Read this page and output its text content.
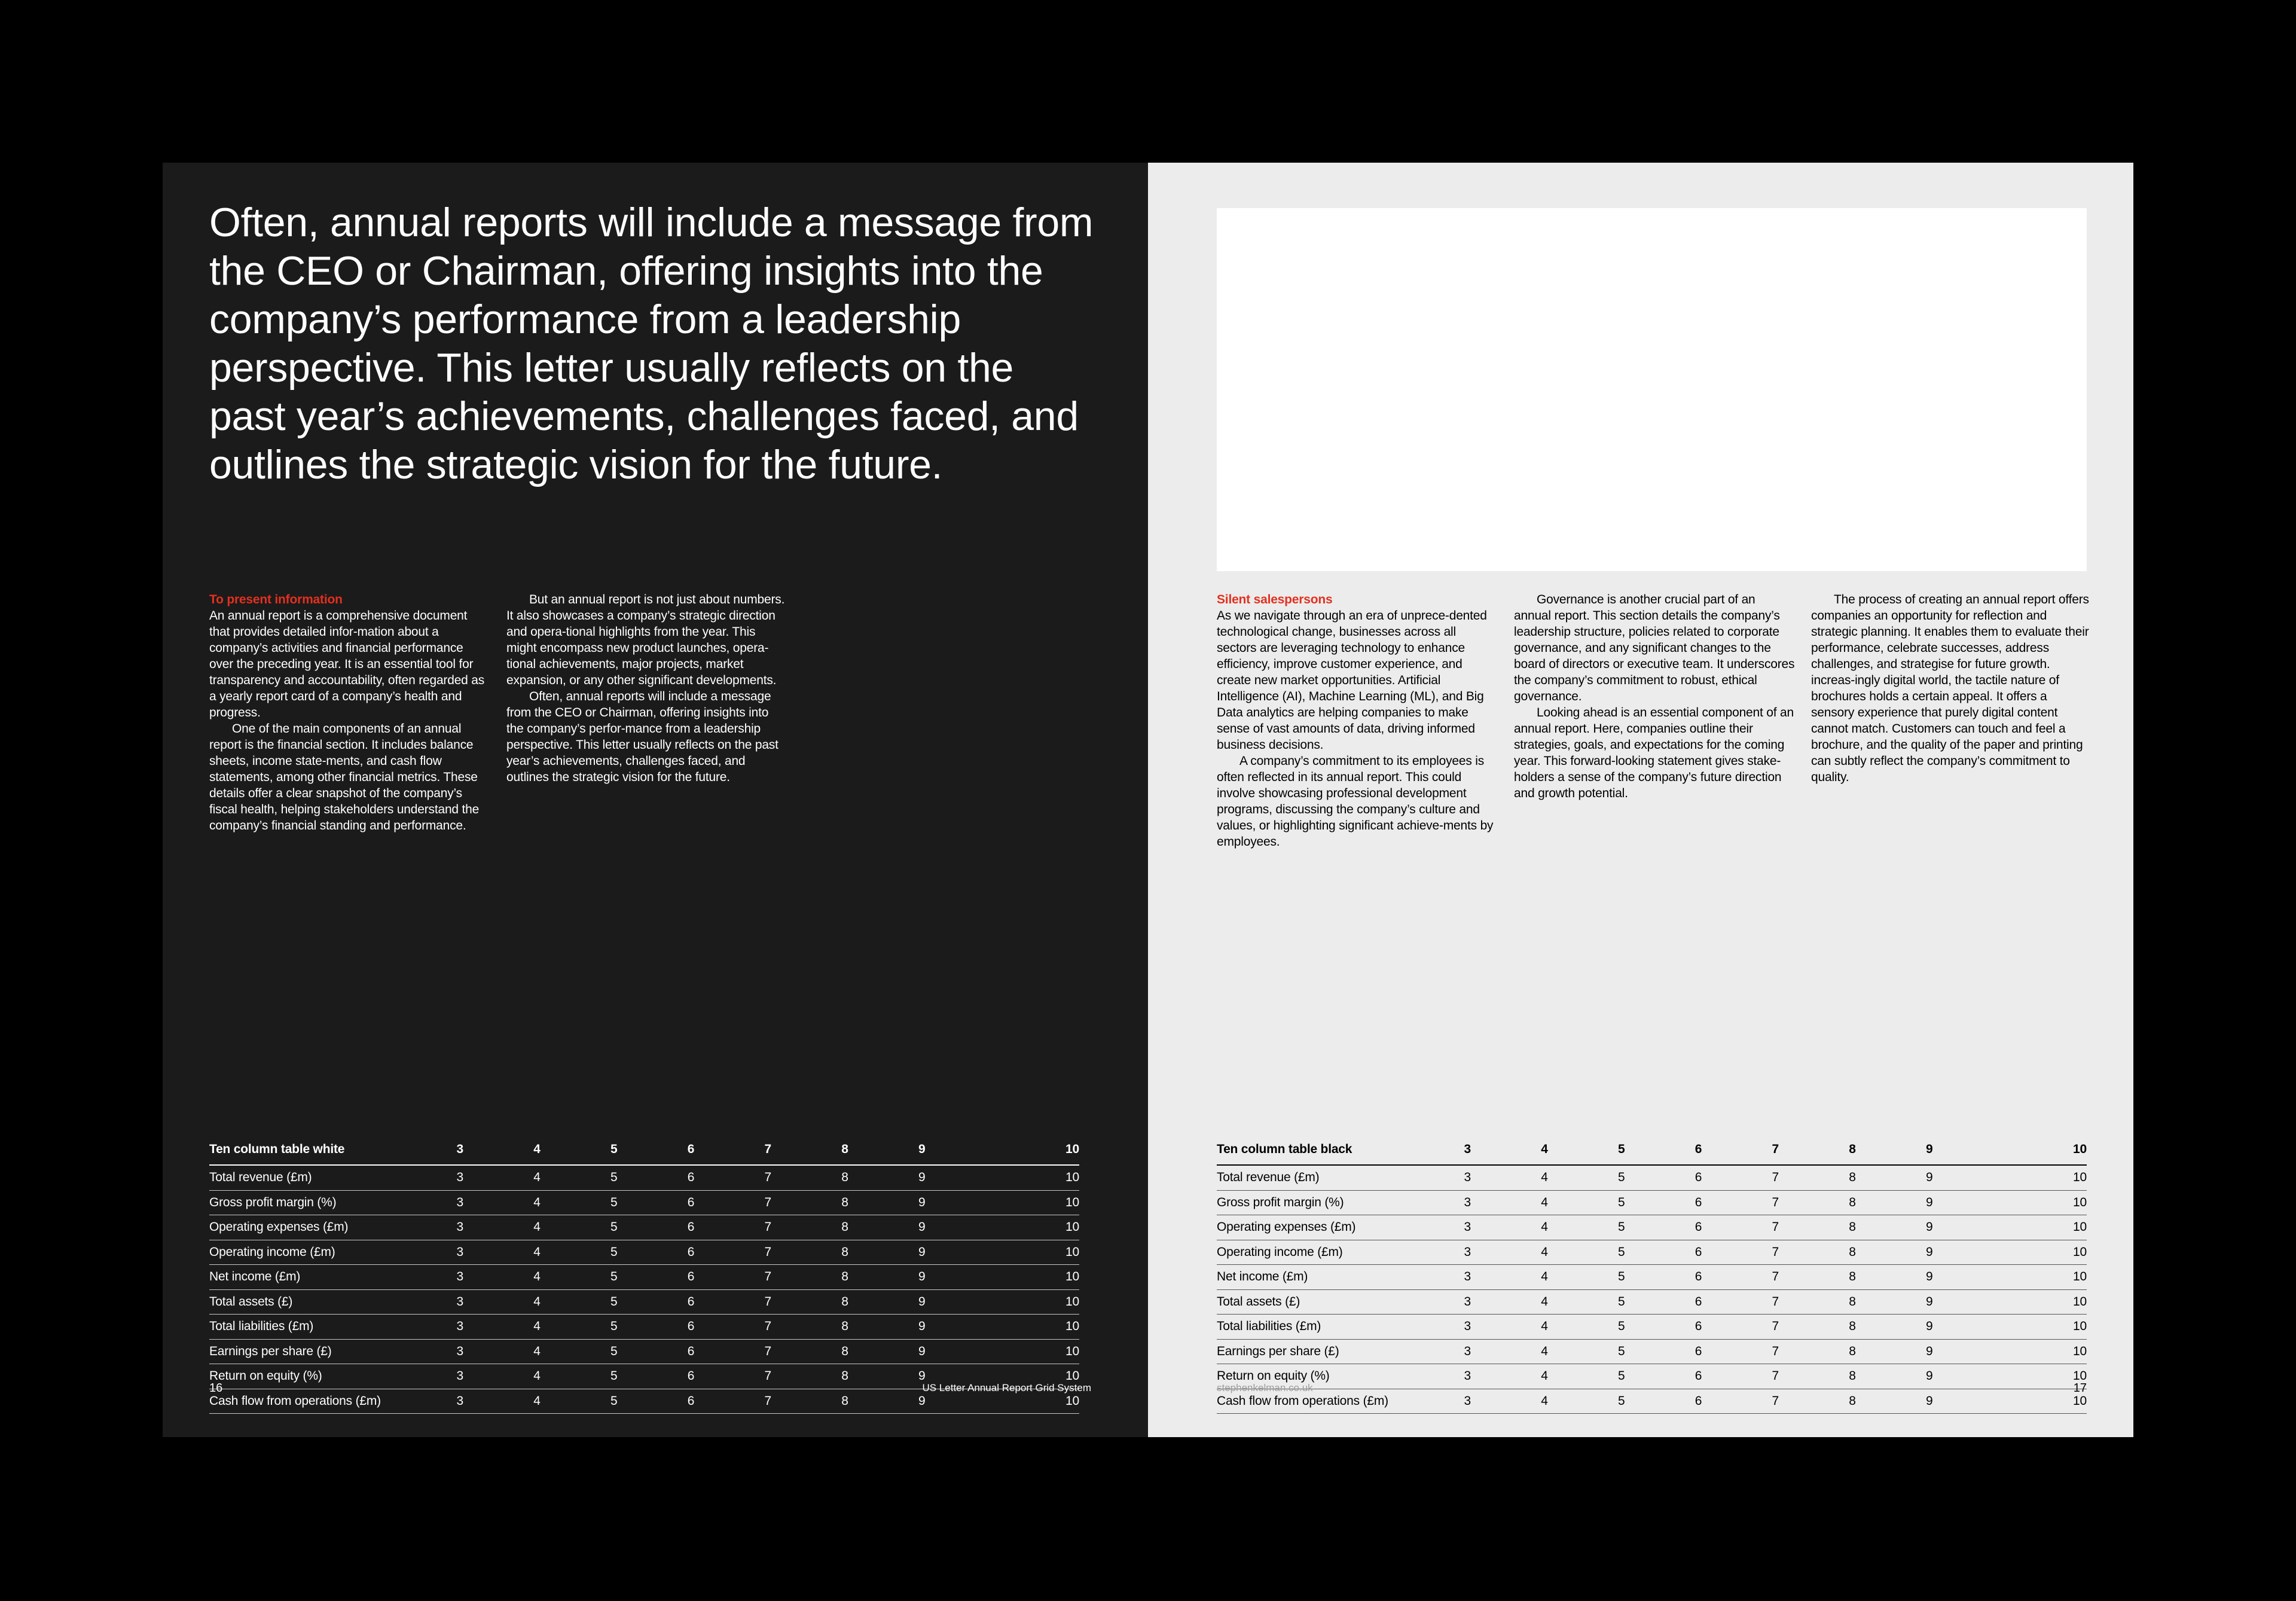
Often, annual reports will include a message from the CEO or Chairman, offering insights into the company’s performance from a leadership perspective. This letter usually reflects on the past year’s achievements, challenges faced, and outlines the strategic vision for the future.

To present information

An annual report is a comprehensive document that provides detailed infor-mation about a company’s activities and financial performance over the preceding year. It is an essential tool for transparency and accountability, often regarded as a yearly report card of a company’s health and progress.

One of the main components of an annual report is the financial section. It includes balance sheets, income state-ments, and cash flow statements, among other financial metrics. These details offer a clear snapshot of the company’s fiscal health, helping stakeholders understand the company’s financial standing and performance.

But an annual report is not just about numbers. It also showcases a company’s strategic direction and opera-tional highlights from the year. This might encompass new product launches, opera-tional achievements, major projects, market expansion, or any other significant developments.

Often, annual reports will include a message from the CEO or Chairman, offering insights into the company’s perfor-mance from a leadership perspective. This letter usually reflects on the past year’s achievements, challenges faced, and outlines the strategic vision for the future.

Ten column table white	3	4	5	6	7	8	9	10
Total revenue (£m)	3	4	5	6	7	8	9	10
Gross profit margin (%)	3	4	5	6	7	8	9	10
Operating expenses (£m)	3	4	5	6	7	8	9	10
Operating income (£m)	3	4	5	6	7	8	9	10
Net income (£m)	3	4	5	6	7	8	9	10
Total assets (£)	3	4	5	6	7	8	9	10
Total liabilities (£m)	3	4	5	6	7	8	9	10
Earnings per share (£)	3	4	5	6	7	8	9	10
Return on equity (%)	3	4	5	6	7	8	9	10
Cash flow from operations (£m)	3	4	5	6	7	8	9	10
16	US Letter Annual Report Grid System

Silent salespersons

As we navigate through an era of unprece-dented technological change, businesses across all sectors are leveraging technology to enhance efficiency, improve customer experience, and create new market opportunities. Artificial Intelligence (AI), Machine Learning (ML), and Big Data analytics are helping companies to make sense of vast amounts of data, driving informed business decisions.

A company’s commitment to its employees is often reflected in its annual report. This could involve showcasing professional development programs, discussing the company’s culture and values, or highlighting significant achieve-ments by employees.

Governance is another crucial part of an annual report. This section details the company’s leadership structure, policies related to corporate governance, and any significant changes to the board of directors or executive team. It underscores the company’s commitment to robust, ethical governance.

Looking ahead is an essential component of an annual report. Here, companies outline their strategies, goals, and expectations for the coming year. This forward-looking statement gives stake-holders a sense of the company’s future direction and growth potential.

The process of creating an annual report offers companies an opportunity for reflection and strategic planning. It enables them to evaluate their performance, celebrate successes, address challenges, and strategise for future growth. increas-ingly digital world, the tactile nature of brochures holds a certain appeal. It offers a sensory experience that purely digital content cannot match. Customers can touch and feel a brochure, and the quality of the paper and printing can subtly reflect the company’s commitment to quality.

Ten column table black	3	4	5	6	7	8	9	10
Total revenue (£m)	3	4	5	6	7	8	9	10
Gross profit margin (%)	3	4	5	6	7	8	9	10
Operating expenses (£m)	3	4	5	6	7	8	9	10
Operating income (£m)	3	4	5	6	7	8	9	10
Net income (£m)	3	4	5	6	7	8	9	10
Total assets (£)	3	4	5	6	7	8	9	10
Total liabilities (£m)	3	4	5	6	7	8	9	10
Earnings per share (£)	3	4	5	6	7	8	9	10
Return on equity (%)	3	4	5	6	7	8	9	10
Cash flow from operations (£m)	3	4	5	6	7	8	9	10
stephenkelman.co.uk	17
